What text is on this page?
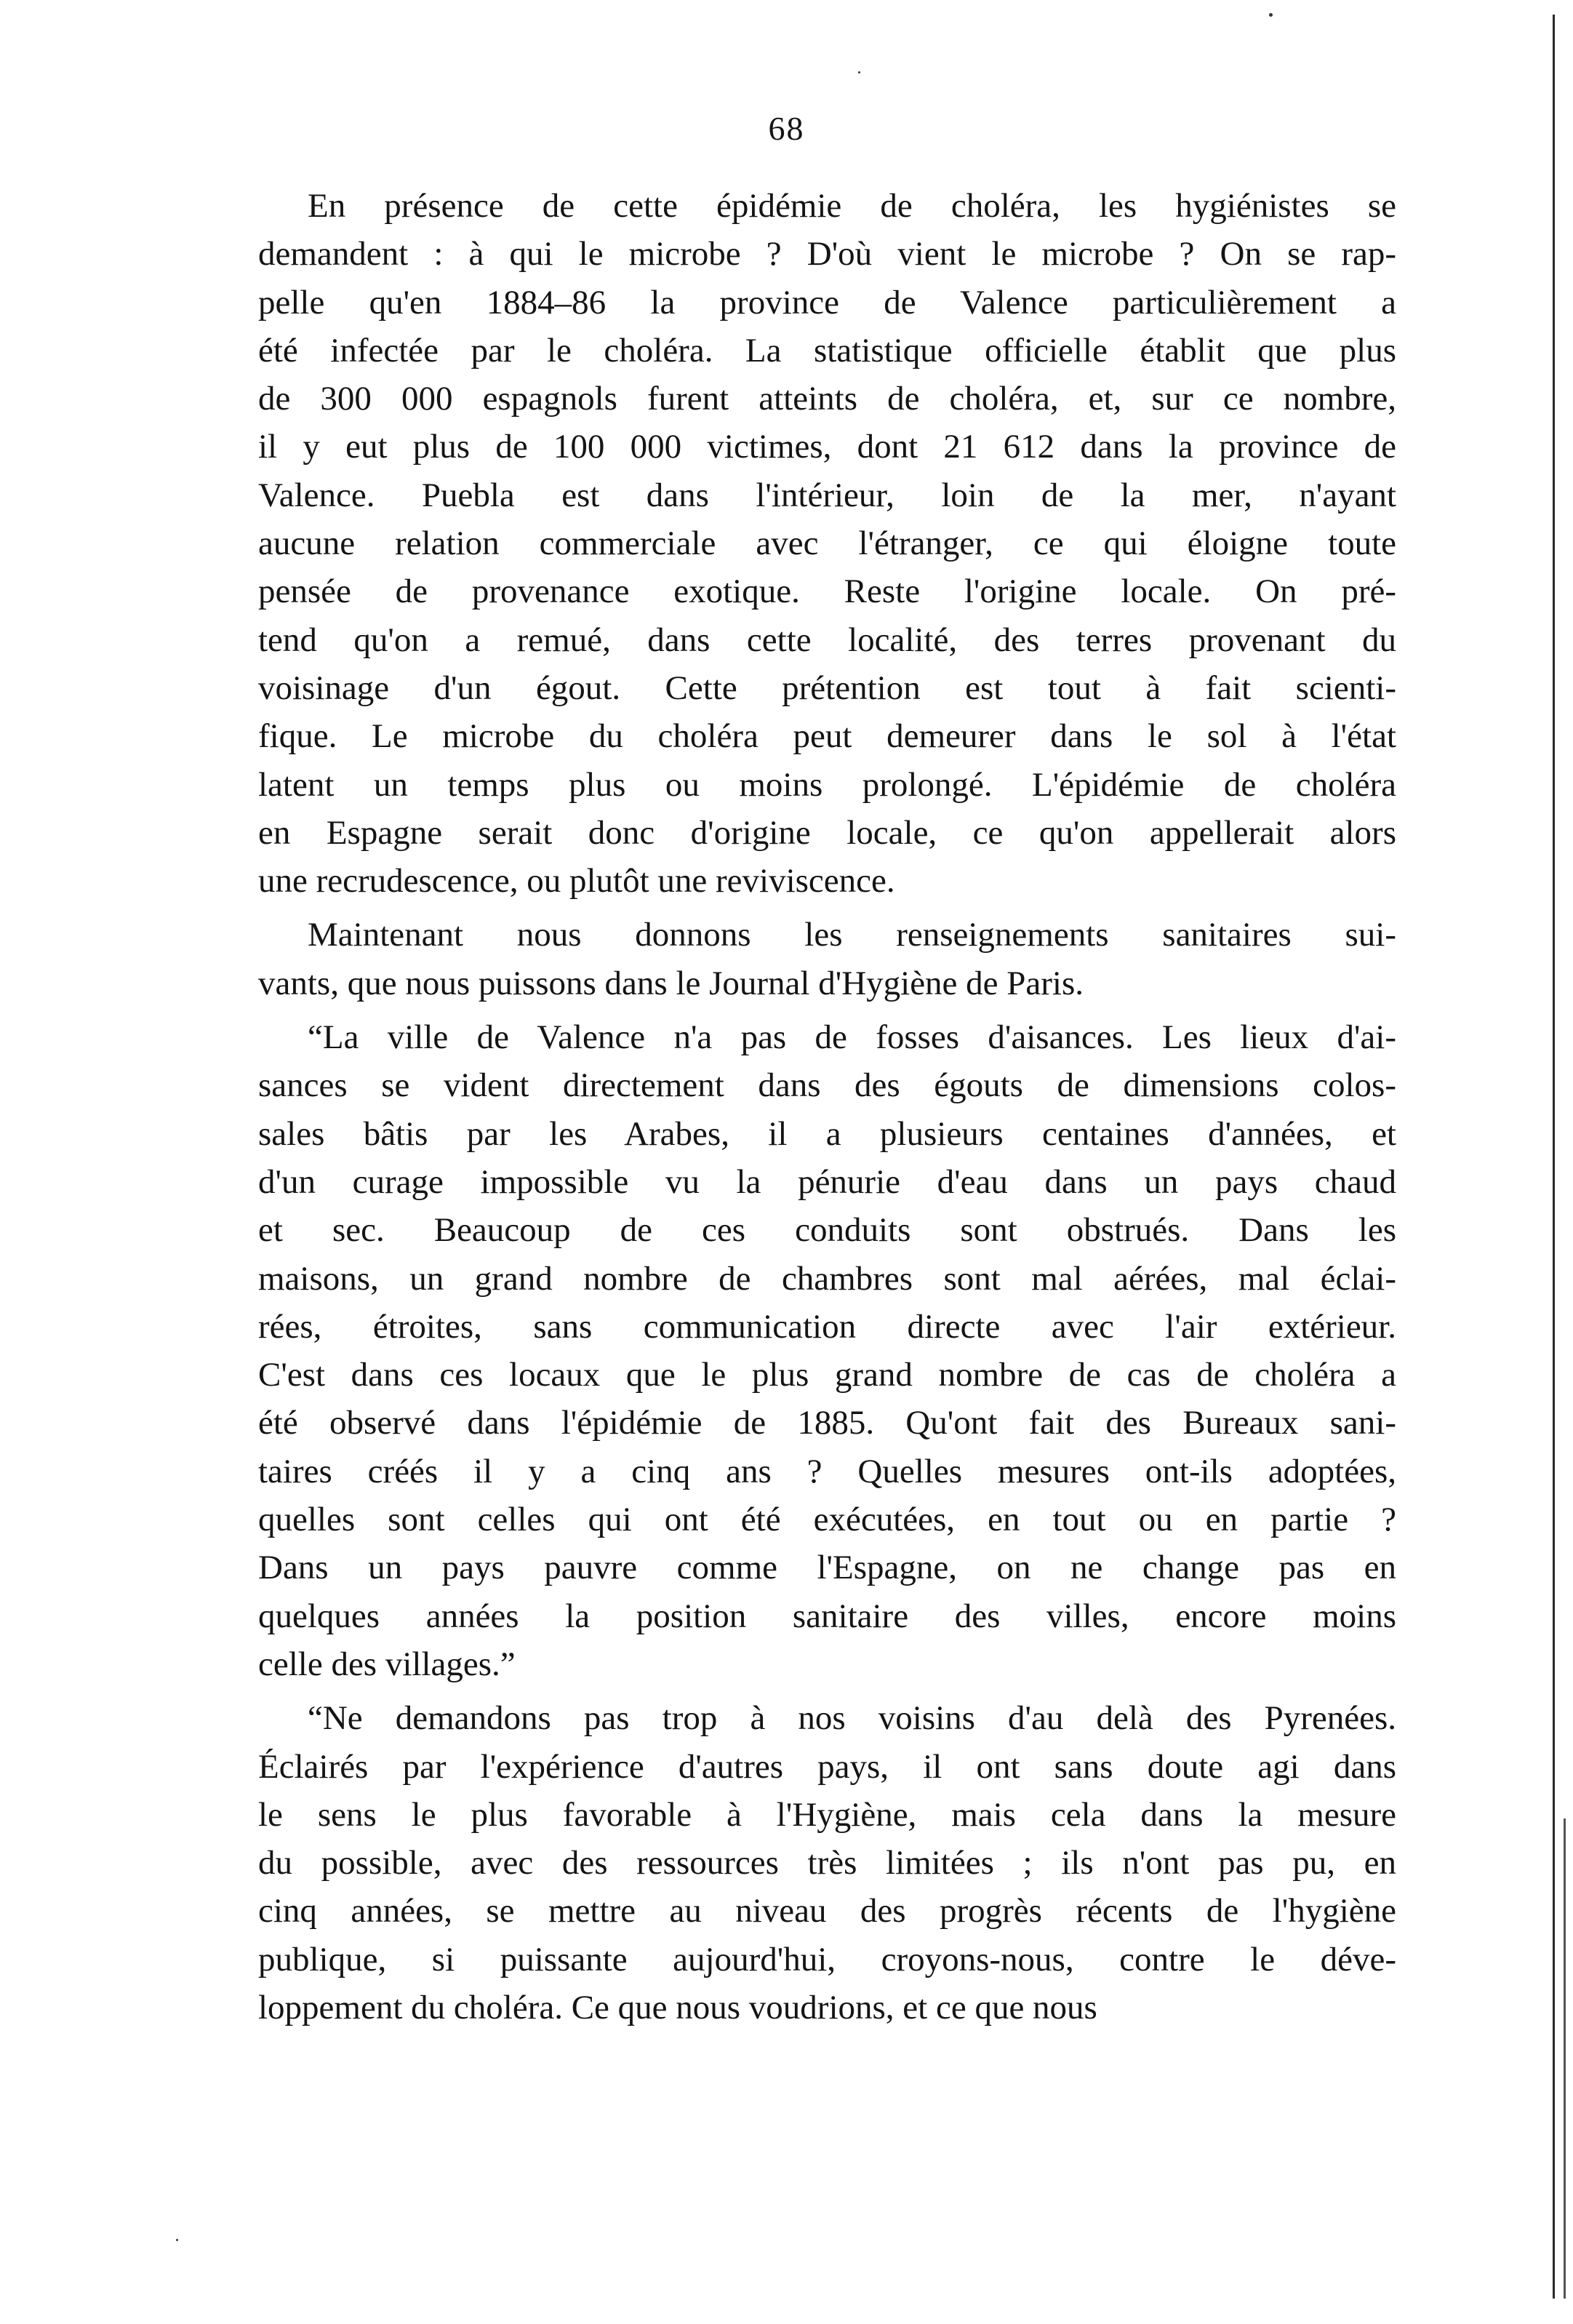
68
En présence de cette épidémie de choléra, les hygiénistes se
demandent : à qui le microbe ? D'où vient le microbe ? On se rap-
pelle qu'en 1884–86 la province de Valence particulièrement a
été infectée par le choléra. La statistique officielle établit que plus
de 300 000 espagnols furent atteints de choléra, et, sur ce nombre,
il y eut plus de 100 000 victimes, dont 21 612 dans la province de
Valence. Puebla est dans l'intérieur, loin de la mer, n'ayant
aucune relation commerciale avec l'étranger, ce qui éloigne toute
pensée de provenance exotique. Reste l'origine locale. On pré-
tend qu'on a remué, dans cette localité, des terres provenant du
voisinage d'un égout. Cette prétention est tout à fait scienti-
fique. Le microbe du choléra peut demeurer dans le sol à l'état
latent un temps plus ou moins prolongé. L'épidémie de choléra
en Espagne serait donc d'origine locale, ce qu'on appellerait alors
une recrudescence, ou plutôt une reviviscence.
Maintenant nous donnons les renseignements sanitaires sui-
vants, que nous puissons dans le Journal d'Hygiène de Paris.
“La ville de Valence n'a pas de fosses d'aisances. Les lieux d'ai-
sances se vident directement dans des égouts de dimensions colos-
sales bâtis par les Arabes, il a plusieurs centaines d'années, et
d'un curage impossible vu la pénurie d'eau dans un pays chaud
et sec. Beaucoup de ces conduits sont obstrués. Dans les
maisons, un grand nombre de chambres sont mal aérées, mal éclai-
rées, étroites, sans communication directe avec l'air extérieur.
C'est dans ces locaux que le plus grand nombre de cas de choléra a
été observé dans l'épidémie de 1885. Qu'ont fait des Bureaux sani-
taires créés il y a cinq ans ? Quelles mesures ont-ils adoptées,
quelles sont celles qui ont été exécutées, en tout ou en partie ?
Dans un pays pauvre comme l'Espagne, on ne change pas en
quelques années la position sanitaire des villes, encore moins
celle des villages.”
“Ne demandons pas trop à nos voisins d'au delà des Pyrenées.
Éclairés par l'expérience d'autres pays, il ont sans doute agi dans
le sens le plus favorable à l'Hygiène, mais cela dans la mesure
du possible, avec des ressources très limitées ; ils n'ont pas pu, en
cinq années, se mettre au niveau des progrès récents de l'hygiène
publique, si puissante aujourd'hui, croyons-nous, contre le déve-
loppement du choléra. Ce que nous voudrions, et ce que nous
